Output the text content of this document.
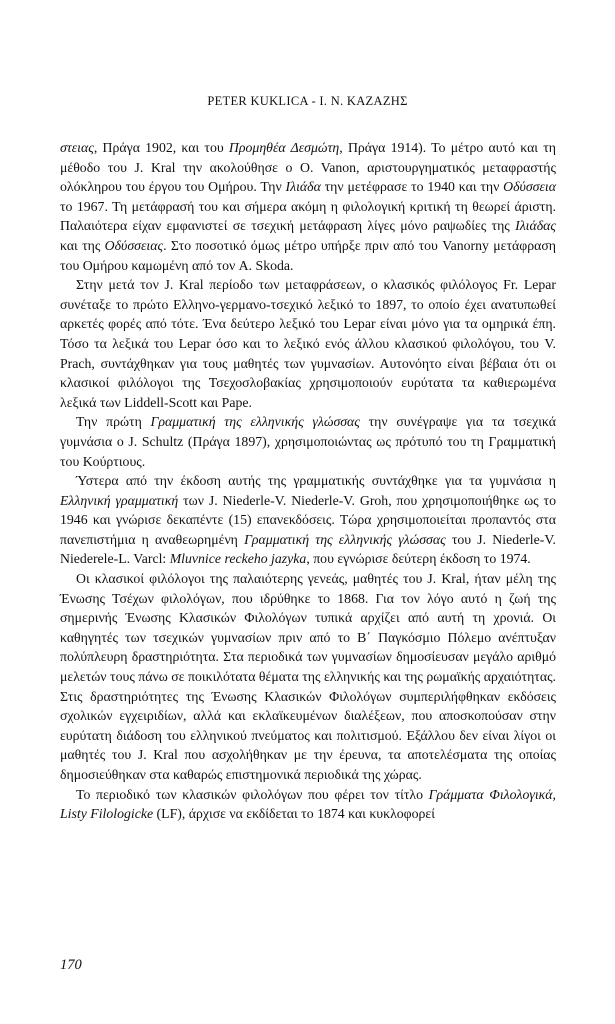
PETER KUKLICA - I. N. ΚΑΖΑΖΗΣ

στειας, Πράγα 1902, και του Προμηθέα Δεσμώτη, Πράγα 1914). Το μέτρο αυτό και τη μέθοδο του J. Kral την ακολούθησε ο O. Vanon, αριστουργηματικός μεταφραστής ολόκληρου του έργου του Ομήρου. Την Ιλιάδα την μετέφρασε το 1940 και την Οδύσσεια το 1967. Τη μετάφρασή του και σήμερα ακόμη η φιλολογική κριτική τη θεωρεί άριστη. Παλαιότερα είχαν εμφανιστεί σε τσεχική μετάφραση λίγες μόνο ραψωδίες της Ιλιάδας και της Οδύσσειας. Στο ποσοτικό όμως μέτρο υπήρξε πριν από του Vanorny μετάφραση του Ομήρου καμωμένη από τον A. Skoda.

Στην μετά τον J. Kral περίοδο των μεταφράσεων, ο κλασικός φιλόλογος Fr. Lepar συνέταξε το πρώτο Ελληνο-γερμανο-τσεχικό λεξικό το 1897, το οποίο έχει ανατυπωθεί αρκετές φορές από τότε. Ένα δεύτερο λεξικό του Lepar είναι μόνο για τα ομηρικά έπη. Τόσο τα λεξικά του Lepar όσο και το λεξικό ενός άλλου κλασικού φιλολόγου, του V. Prach, συντάχθηκαν για τους μαθητές των γυμνασίων. Αυτονόητο είναι βέβαια ότι οι κλασικοί φιλόλογοι της Τσεχοσλοβακίας χρησιμοποιούν ευρύτατα τα καθιερωμένα λεξικά των Liddell-Scott και Pape.

Την πρώτη Γραμματική της ελληνικής γλώσσας την συνέγραψε για τα τσεχικά γυμνάσια ο J. Schultz (Πράγα 1897), χρησιμοποιώντας ως πρότυπό του τη Γραμματική του Κούρτιους.

Ύστερα από την έκδοση αυτής της γραμματικής συντάχθηκε για τα γυμνάσια η Ελληνική γραμματική των J. Niederle-V. Niederle-V. Groh, που χρησιμοποιήθηκε ως το 1946 και γνώρισε δεκαπέντε (15) επανεκδόσεις. Τώρα χρησιμοποιείται προπαντός στα πανεπιστήμια η αναθεωρημένη Γραμματική της ελληνικής γλώσσας του J. Niederle-V. Niederele-L. Varcl: Mluvnice reckeho jazyka, που εγνώρισε δεύτερη έκδοση το 1974.

Οι κλασικοί φιλόλογοι της παλαιότερης γενεάς, μαθητές του J. Kral, ήταν μέλη της Ένωσης Τσέχων φιλολόγων, που ιδρύθηκε το 1868. Για τον λόγο αυτό η ζωή της σημερινής Ένωσης Κλασικών Φιλολόγων τυπικά αρχίζει από αυτή τη χρονιά. Οι καθηγητές των τσεχικών γυμνασίων πριν από το Β΄ Παγκόσμιο Πόλεμο ανέπτυξαν πολύπλευρη δραστηριότητα. Στα περιοδικά των γυμνασίων δημοσίευσαν μεγάλο αριθμό μελετών τους πάνω σε ποικιλότατα θέματα της ελληνικής και της ρωμαϊκής αρχαιότητας. Στις δραστηριότητες της Ένωσης Κλασικών Φιλολόγων συμπεριλήφθηκαν εκδόσεις σχολικών εγχειριδίων, αλλά και εκλαϊκευμένων διαλέξεων, που αποσκοπούσαν στην ευρύτατη διάδοση του ελληνικού πνεύματος και πολιτισμού. Εξάλλου δεν είναι λίγοι οι μαθητές του J. Kral που ασχολήθηκαν με την έρευνα, τα αποτελέσματα της οποίας δημοσιεύθηκαν στα καθαρώς επιστημονικά περιοδικά της χώρας.

Το περιοδικό των κλασικών φιλολόγων που φέρει τον τίτλο Γράμματα Φιλολογικά, Listy Filologicke (LF), άρχισε να εκδίδεται το 1874 και κυκλοφορεί

170
